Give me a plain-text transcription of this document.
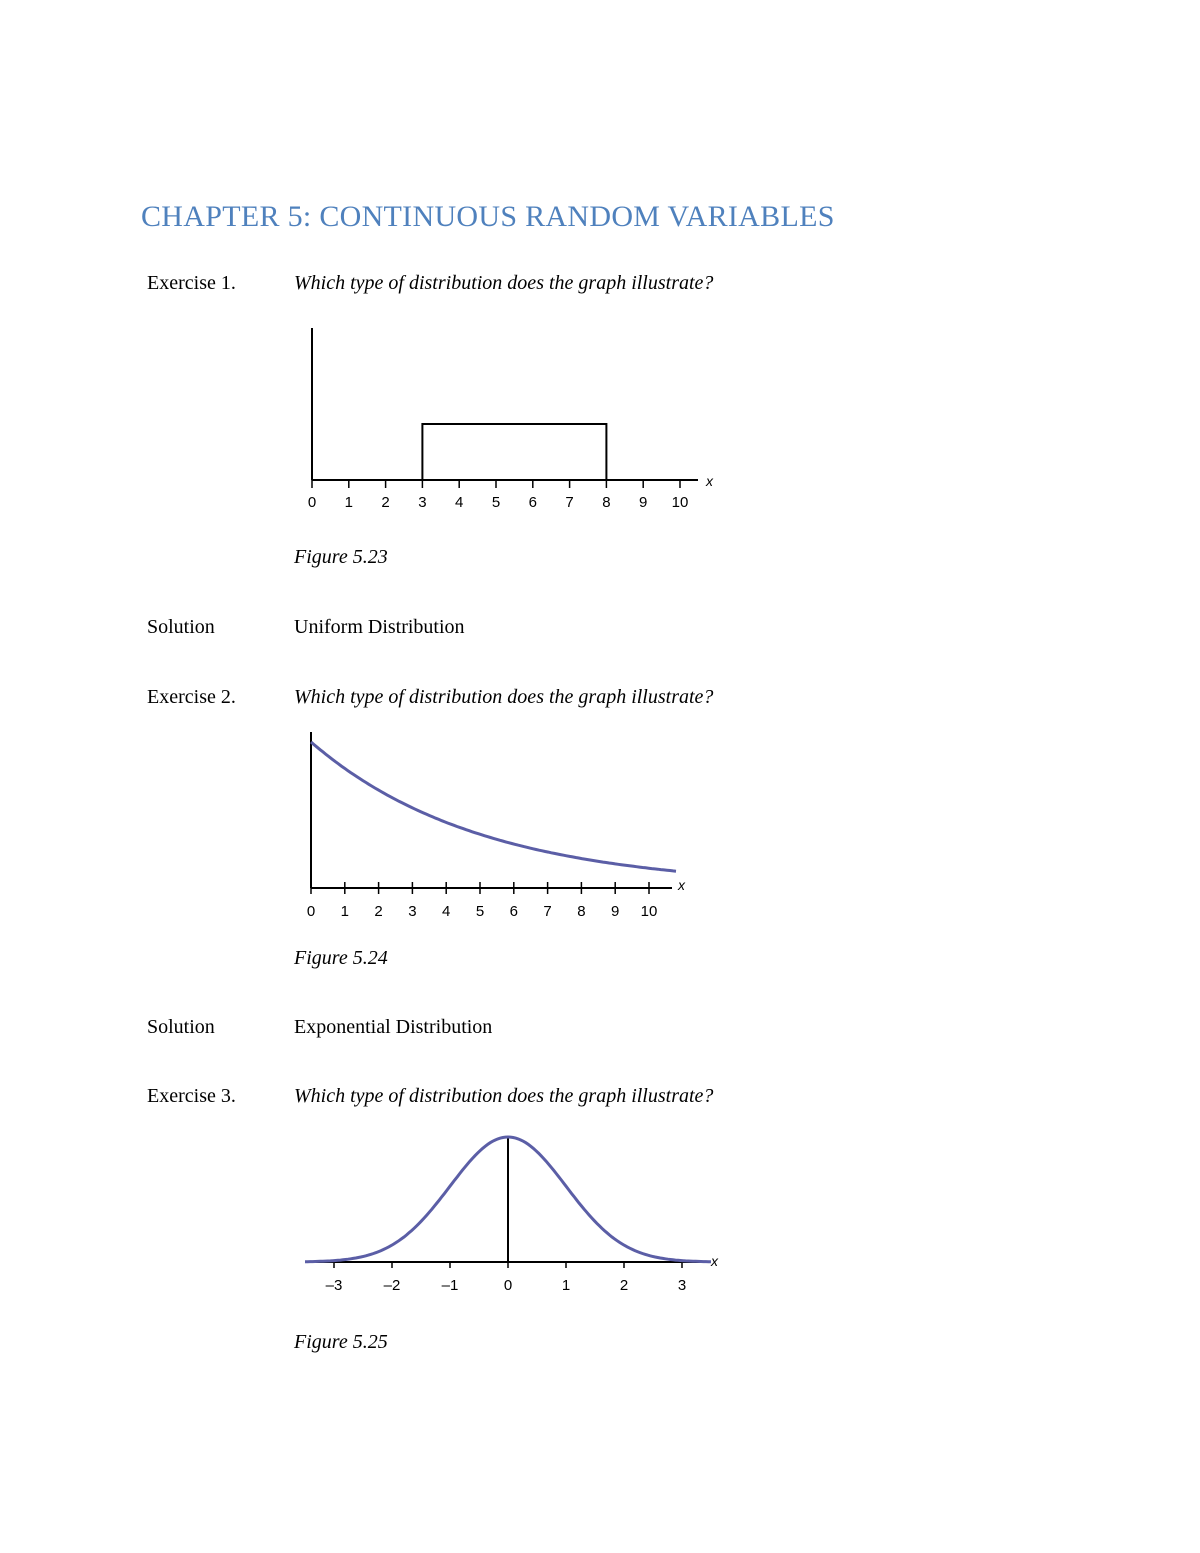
CHAPTER 5: CONTINUOUS RANDOM VARIABLES
Exercise 1.	Which type of distribution does the graph illustrate?
0 1 2 3 4 5 6 7 8 9 10
x
Figure 5.23
Solution	Uniform Distribution
Exercise 2.	Which type of distribution does the graph illustrate?
0 1 2 3 4 5 6 7 8 9 10
x
Figure 5.24
Solution	Exponential Distribution
Exercise 3.	Which type of distribution does the graph illustrate?
–3	–2	–1	0	1	2	3
x
Figure 5.25
